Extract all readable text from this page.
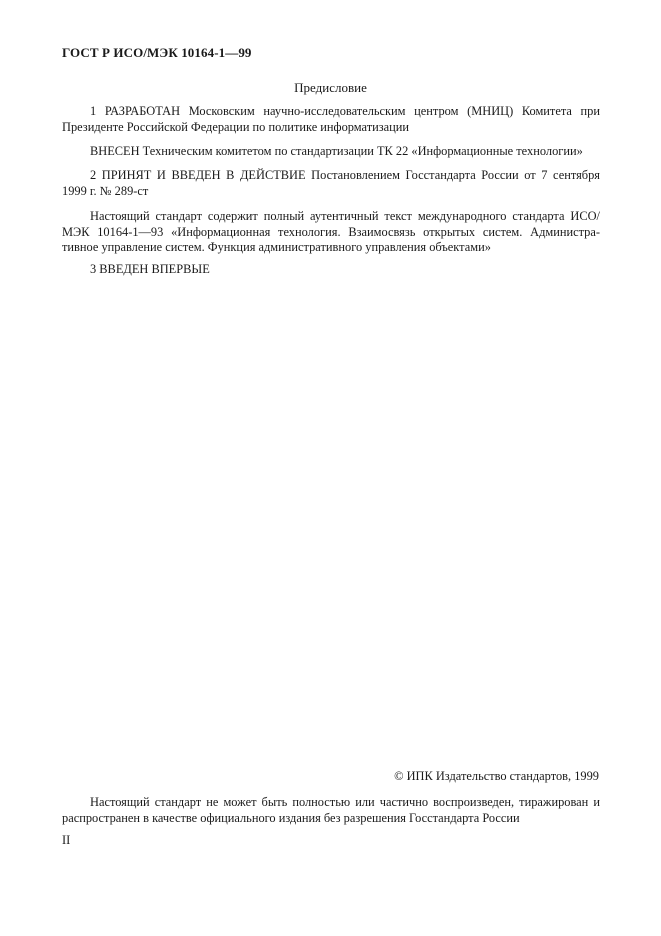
ГОСТ Р ИСО/МЭК 10164-1—99
Предисловие

1 РАЗРАБОТАН Московским научно-исследовательским центром (МНИЦ) Комитета при Президенте Российской Федерации по политике информатизации

ВНЕСЕН Техническим комитетом по стандартизации ТК 22 «Информационные технологии»

2 ПРИНЯТ И ВВЕДЕН В ДЕЙСТВИЕ Постановлением Госстандарта России от 7 сентября 1999 г. № 289-ст

Настоящий стандарт содержит полный аутентичный текст международного стандарта ИСО/МЭК 10164-1—93 «Информационная технология. Взаимосвязь открытых систем. Администра-тивное управление систем. Функция административного управления объектами»

3 ВВЕДЕН ВПЕРВЫЕ

© ИПК Издательство стандартов, 1999

Настоящий стандарт не может быть полностью или частично воспроизведен, тиражирован и распространен в качестве официального издания без разрешения Госстандарта России

II
